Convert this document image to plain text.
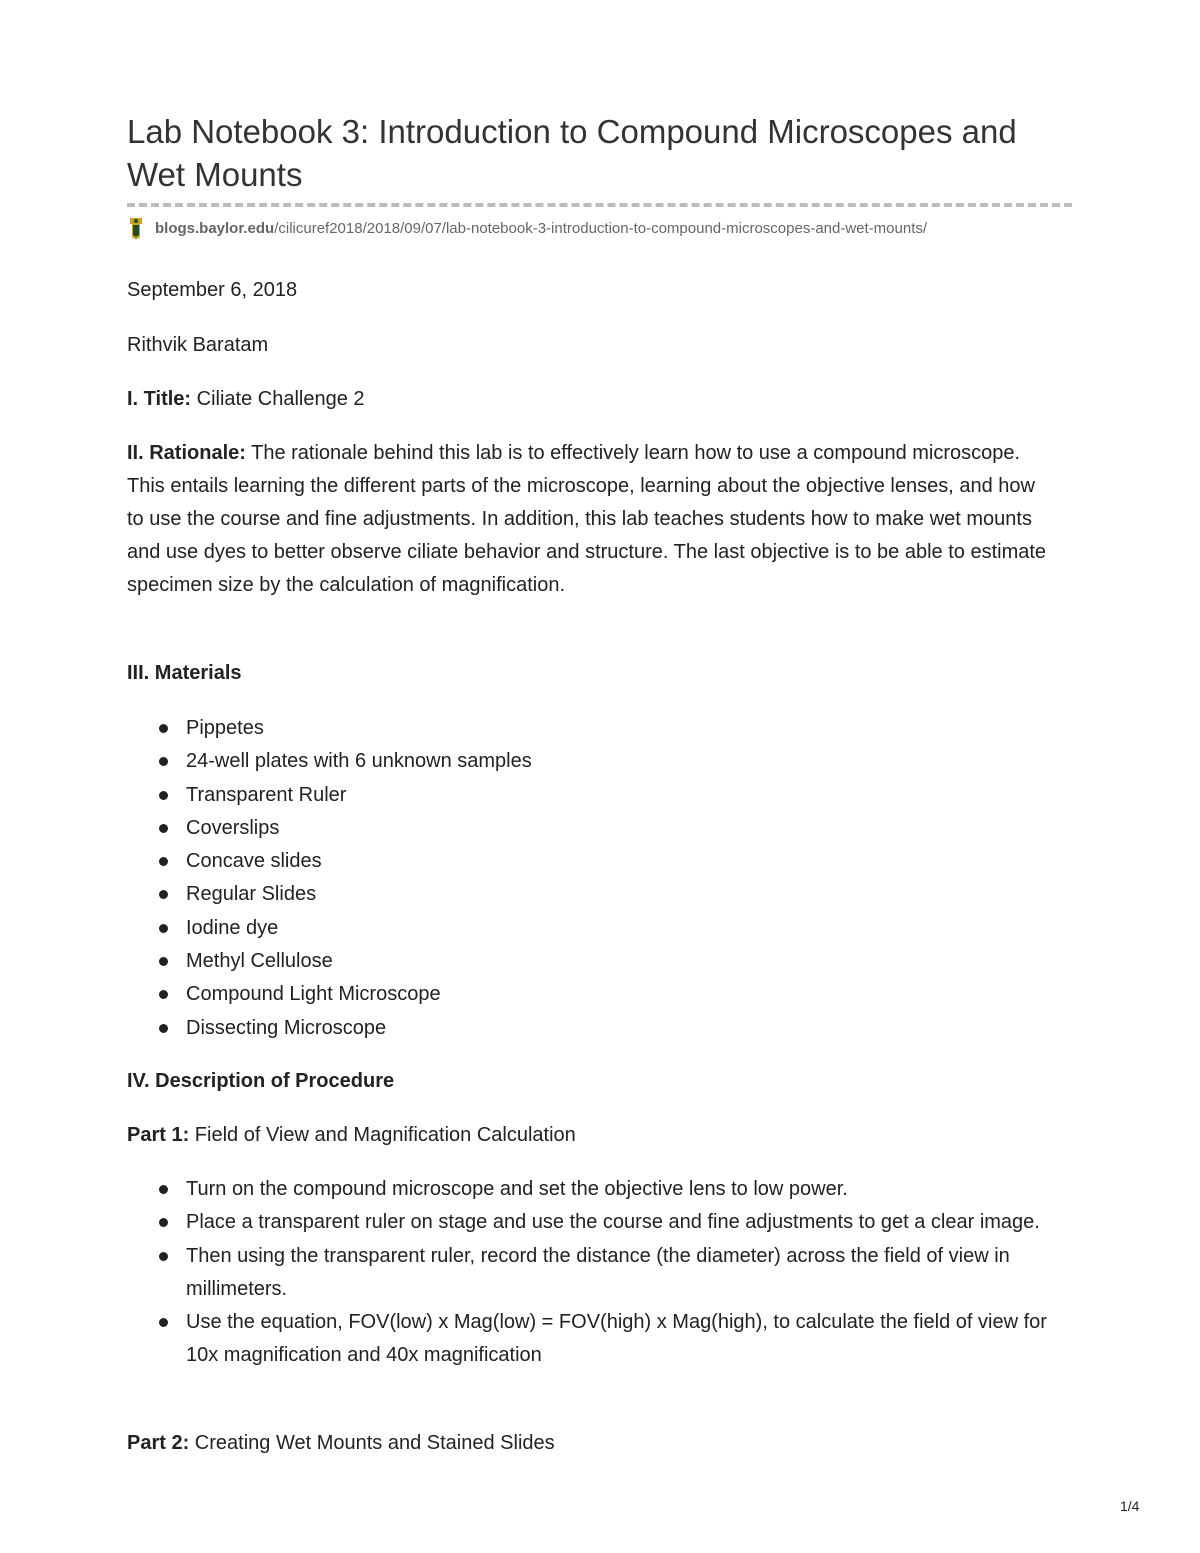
Lab Notebook 3: Introduction to Compound Microscopes and Wet Mounts
blogs.baylor.edu /cilicuref2018/2018/09/07/lab-notebook-3-introduction-to-compound-microscopes-and-wet-mounts/
September 6, 2018
Rithvik Baratam
I. Title: Ciliate Challenge 2
II. Rationale: The rationale behind this lab is to effectively learn how to use a compound microscope. This entails learning the different parts of the microscope, learning about the objective lenses, and how to use the course and fine adjustments. In addition, this lab teaches students how to make wet mounts and use dyes to better observe ciliate behavior and structure. The last objective is to be able to estimate specimen size by the calculation of magnification.
III. Materials
Pippetes
24-well plates with 6 unknown samples
Transparent Ruler
Coverslips
Concave slides
Regular Slides
Iodine dye
Methyl Cellulose
Compound Light Microscope
Dissecting Microscope
IV. Description of Procedure
Part 1: Field of View and Magnification Calculation
Turn on the compound microscope and set the objective lens to low power.
Place a transparent ruler on stage and use the course and fine adjustments to get a clear image.
Then using the transparent ruler, record the distance (the diameter) across the field of view in millimeters.
Use the equation, FOV(low) x Mag(low) = FOV(high) x Mag(high), to calculate the field of view for 10x magnification and 40x magnification
Part 2: Creating Wet Mounts and Stained Slides
1/4
